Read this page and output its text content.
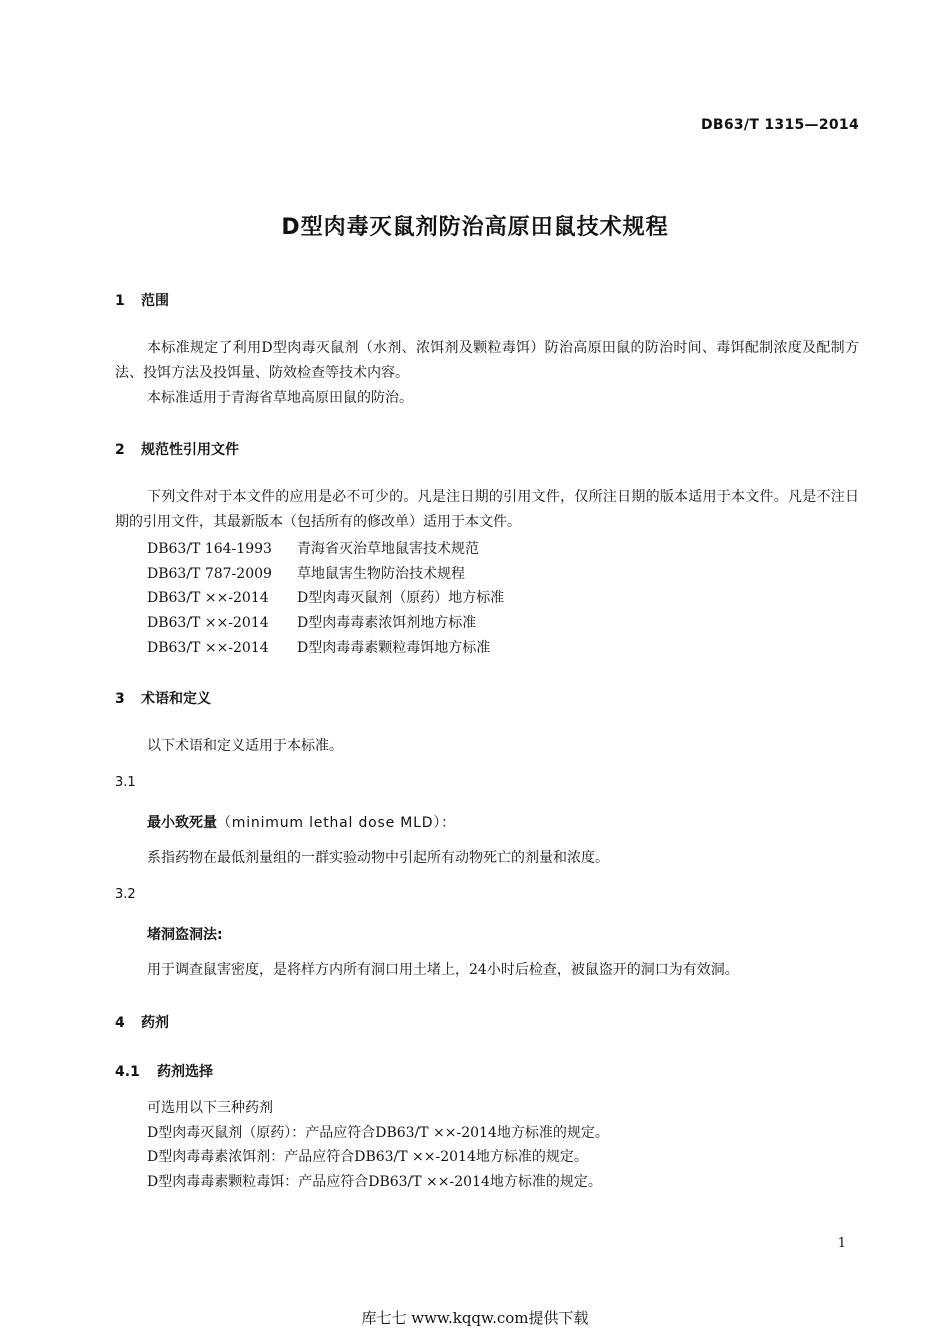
DB63/T 1315—2014
D型肉毒灭鼠剂防治高原田鼠技术规程
1 范围
本标准规定了利用D型肉毒灭鼠剂（水剂、浓饵剂及颗粒毒饵）防治高原田鼠的防治时间、毒饵配制浓度及配制方法、投饵方法及投饵量、防效检查等技术内容。
本标准适用于青海省草地高原田鼠的防治。
2 规范性引用文件
下列文件对于本文件的应用是必不可少的。凡是注日期的引用文件，仅所注日期的版本适用于本文件。凡是不注日期的引用文件，其最新版本（包括所有的修改单）适用于本文件。
DB63/T 164-1993 青海省灭治草地鼠害技术规范
DB63/T 787-2009 草地鼠害生物防治技术规程
DB63/T ××-2014 D型肉毒灭鼠剂（原药）地方标准
DB63/T ××-2014 D型肉毒毒素浓饵剂地方标准
DB63/T ××-2014 D型肉毒毒素颗粒毒饵地方标准
3 术语和定义
以下术语和定义适用于本标准。
3.1
最小致死量（minimum lethal dose MLD）：
系指药物在最低剂量组的一群实验动物中引起所有动物死亡的剂量和浓度。
3.2
堵洞盗洞法:
用于调查鼠害密度，是将样方内所有洞口用土堵上，24小时后检查，被鼠盗开的洞口为有效洞。
4 药剂
4.1 药剂选择
可选用以下三种药剂
D型肉毒灭鼠剂（原药）：产品应符合DB63/T ××-2014地方标准的规定。
D型肉毒毒素浓饵剂：产品应符合DB63/T ××-2014地方标准的规定。
D型肉毒毒素颗粒毒饵：产品应符合DB63/T ××-2014地方标准的规定。
1
库七七 www.kqqw.com提供下载
